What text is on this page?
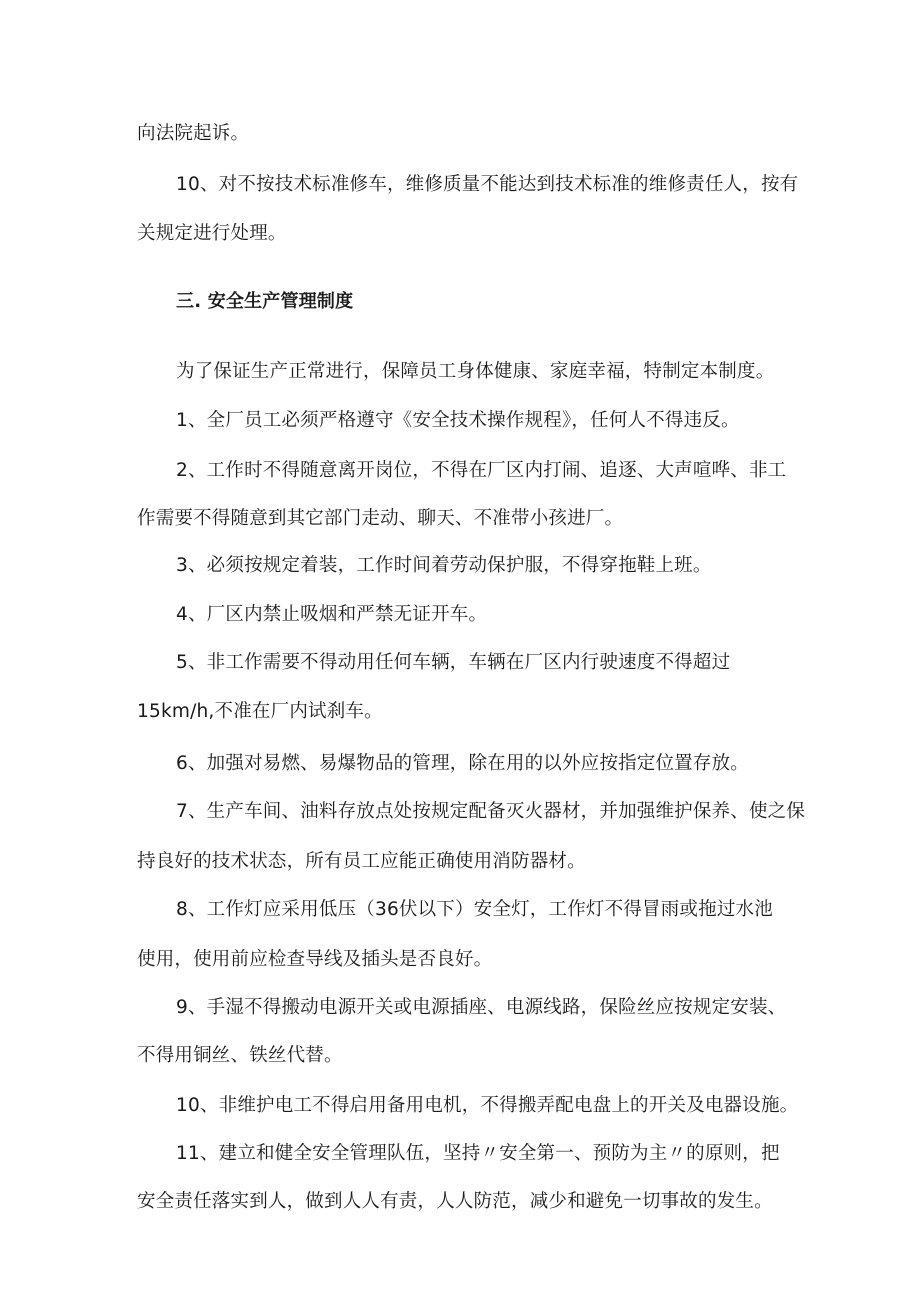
向法院起诉。
10、对不按技术标准修车，维修质量不能达到技术标准的维修责任人，按有
关规定进行处理。
三. 安全生产管理制度
为了保证生产正常进行，保障员工身体健康、家庭幸福，特制定本制度。
1、全厂员工必须严格遵守《安全技术操作规程》，任何人不得违反。
2、工作时不得随意离开岗位，不得在厂区内打闹、追逐、大声喧哗、非工
作需要不得随意到其它部门走动、聊天、不准带小孩进厂。
3、必须按规定着装，工作时间着劳动保护服，不得穿拖鞋上班。
4、厂区内禁止吸烟和严禁无证开车。
5、非工作需要不得动用任何车辆，车辆在厂区内行驶速度不得超过
15km/h,不准在厂内试刹车。
6、加强对易燃、易爆物品的管理，除在用的以外应按指定位置存放。
7、生产车间、油料存放点处按规定配备灭火器材，并加强维护保养、使之保
持良好的技术状态，所有员工应能正确使用消防器材。
8、工作灯应采用低压（36伏以下）安全灯，工作灯不得冒雨或拖过水池
使用，使用前应检查导线及插头是否良好。
9、手湿不得搬动电源开关或电源插座、电源线路，保险丝应按规定安装、
不得用铜丝、铁丝代替。
10、非维护电工不得启用备用电机，不得搬弄配电盘上的开关及电器设施。
11、建立和健全安全管理队伍，坚持〃安全第一、预防为主〃的原则，把
安全责任落实到人，做到人人有责，人人防范，减少和避免一切事故的发生。
